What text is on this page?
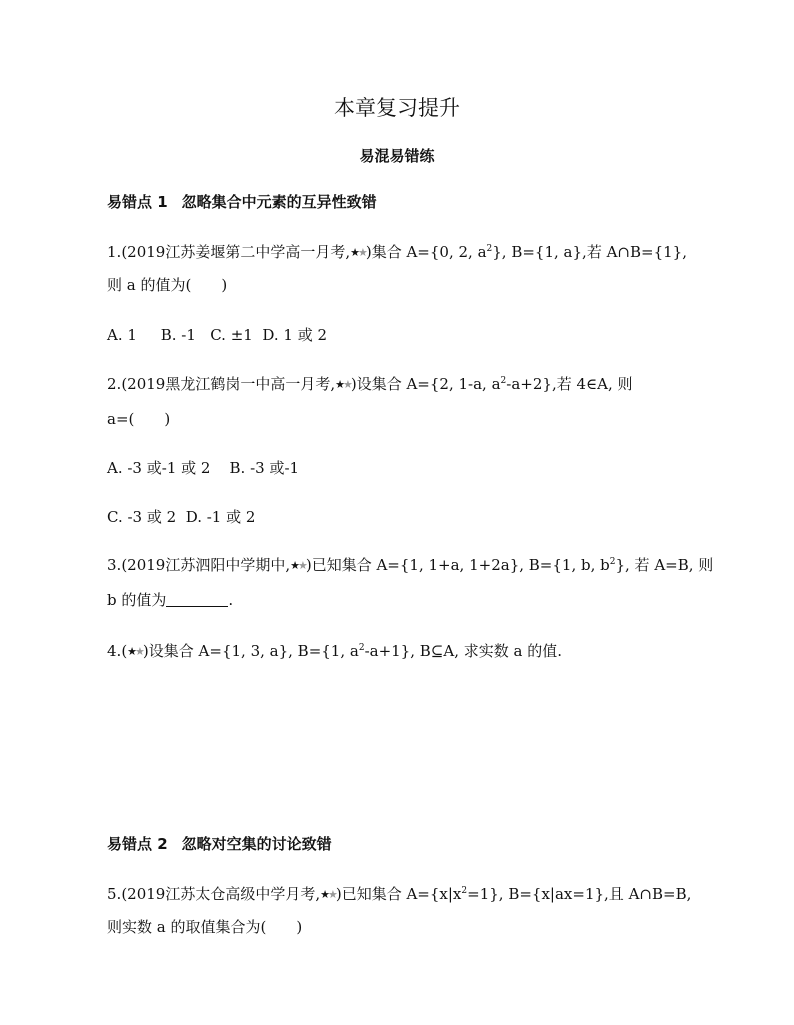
本章复习提升
易混易错练
易错点 1 忽略集合中元素的互异性致错
1.(2019江苏姜堰第二中学高一月考,★★)集合 A={0, 2, $a^2$}, B={1, a},若 A∩B={1},
则 a 的值为( )
A. 1     B. -1   C. ±1  D. 1 或 2
2.(2019黑龙江鹤岗一中高一月考,★★)设集合 A={2, 1-a, $a^2-a+2$},若 4∈A, 则
a=( )
A. -3 或-1 或 2    B. -3 或-1
C. -3 或 2  D. -1 或 2
3.(2019江苏泗阳中学期中,★★)已知集合 A={1, 1+a, 1+2a}, B={1, b, $b^2$}, 若 A=B, 则
b 的值为	.
4.(★★)设集合 A={1, 3, a}, B={1, $a^2-a+1$}, B⊆A, 求实数 a 的值.
易错点 2 忽略对空集的讨论致错
5.(2019江苏太仓高级中学月考,★★)已知集合 $A=\{x|x^2=1\}$, B={x|ax=1},且 A∩B=B,
则实数 a 的取值集合为( )
